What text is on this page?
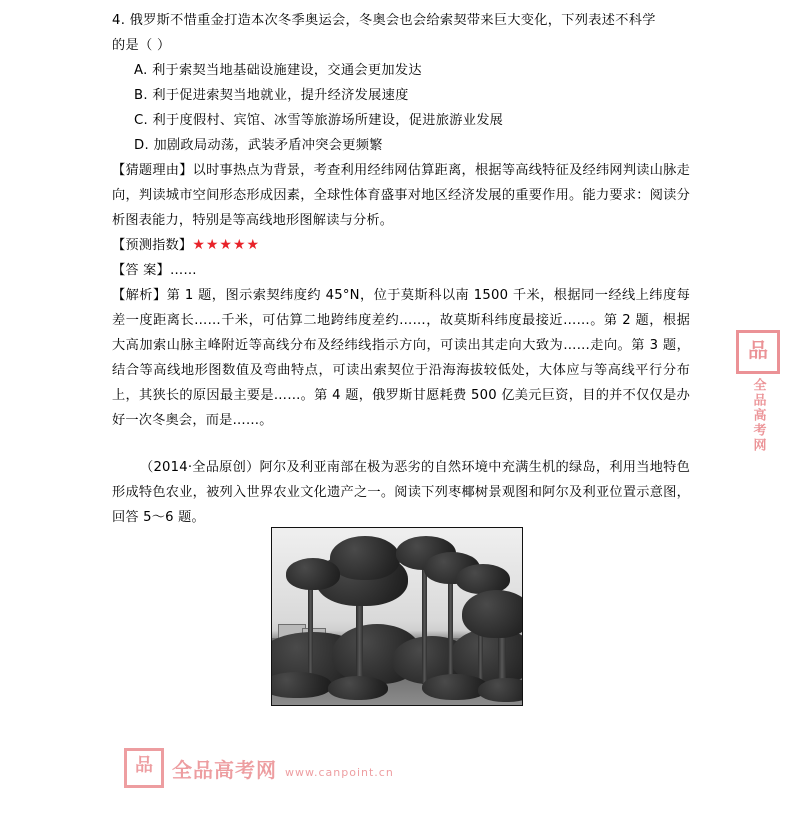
4. 俄罗斯不惜重金打造本次冬季奥运会，冬奥会也会给索契带来巨大变化，下列表述不科学
的是（ ）
A. 利于索契当地基础设施建设，交通会更加发达
B. 利于促进索契当地就业，提升经济发展速度
C. 利于度假村、宾馆、冰雪等旅游场所建设，促进旅游业发展
D. 加剧政局动荡，武装矛盾冲突会更频繁
【猜题理由】以时事热点为背景，考查利用经纬网估算距离，根据等高线特征及经纬网判读山脉走向，判读城市空间形态形成因素，全球性体育盛事对地区经济发展的重要作用。能力要求：阅读分析图表能力，特别是等高线地形图解读与分析。
【预测指数】★★★★★
【答 案】……
【解析】第 1 题，图示索契纬度约 45°N，位于莫斯科以南 1500 千米，根据同一经线上纬度每差一度距离长……千米，可估算二地跨纬度差约……，故莫斯科纬度最接近……。第 2 题，根据大高加索山脉主峰附近等高线分布及经纬线指示方向，可读出其走向大致为……走向。第 3 题，结合等高线地形图数值及弯曲特点，可读出索契位于沿海海拔较低处，大体应与等高线平行分布上，其狭长的原因最主要是……。第 4 题，俄罗斯甘愿耗费 500 亿美元巨资，目的并不仅仅是办好一次冬奥会，而是……。
（2014·全品原创）阿尔及利亚南部在极为恶劣的自然环境中充满生机的绿岛，利用当地特色形成特色农业，被列入世界农业文化遗产之一。阅读下列枣椰树景观图和阿尔及利亚位置示意图，回答 5～6 题。
品
全品高考网
品 全品高考网 www.canpoint.cn
